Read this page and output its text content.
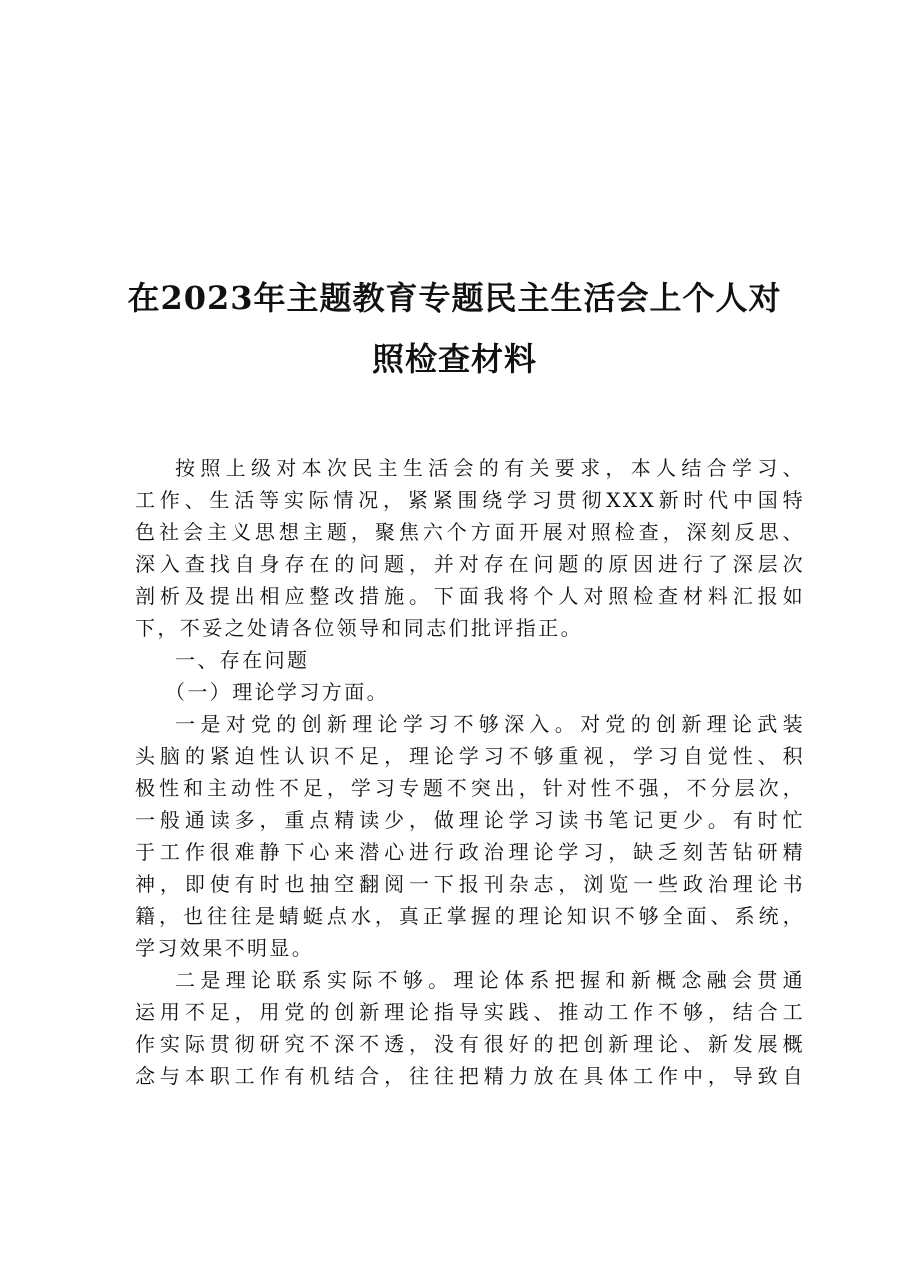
在2023年主题教育专题民主生活会上个人对
照检查材料
按照上级对本次民主生活会的有关要求，本人结合学习、
工作、生活等实际情况，紧紧围绕学习贯彻XXX新时代中国特
色社会主义思想主题，聚焦六个方面开展对照检查，深刻反思、
深入查找自身存在的问题，并对存在问题的原因进行了深层次
剖析及提出相应整改措施。下面我将个人对照检查材料汇报如
下，不妥之处请各位领导和同志们批评指正。
一、存在问题
（一）理论学习方面。
一是对党的创新理论学习不够深入。对党的创新理论武装
头脑的紧迫性认识不足，理论学习不够重视，学习自觉性、积
极性和主动性不足，学习专题不突出，针对性不强，不分层次，
一般通读多，重点精读少，做理论学习读书笔记更少。有时忙
于工作很难静下心来潜心进行政治理论学习，缺乏刻苦钻研精
神，即使有时也抽空翻阅一下报刊杂志，浏览一些政治理论书
籍，也往往是蜻蜓点水，真正掌握的理论知识不够全面、系统，
学习效果不明显。
二是理论联系实际不够。理论体系把握和新概念融会贯通
运用不足，用党的创新理论指导实践、推动工作不够，结合工
作实际贯彻研究不深不透，没有很好的把创新理论、新发展概
念与本职工作有机结合，往往把精力放在具体工作中，导致自
